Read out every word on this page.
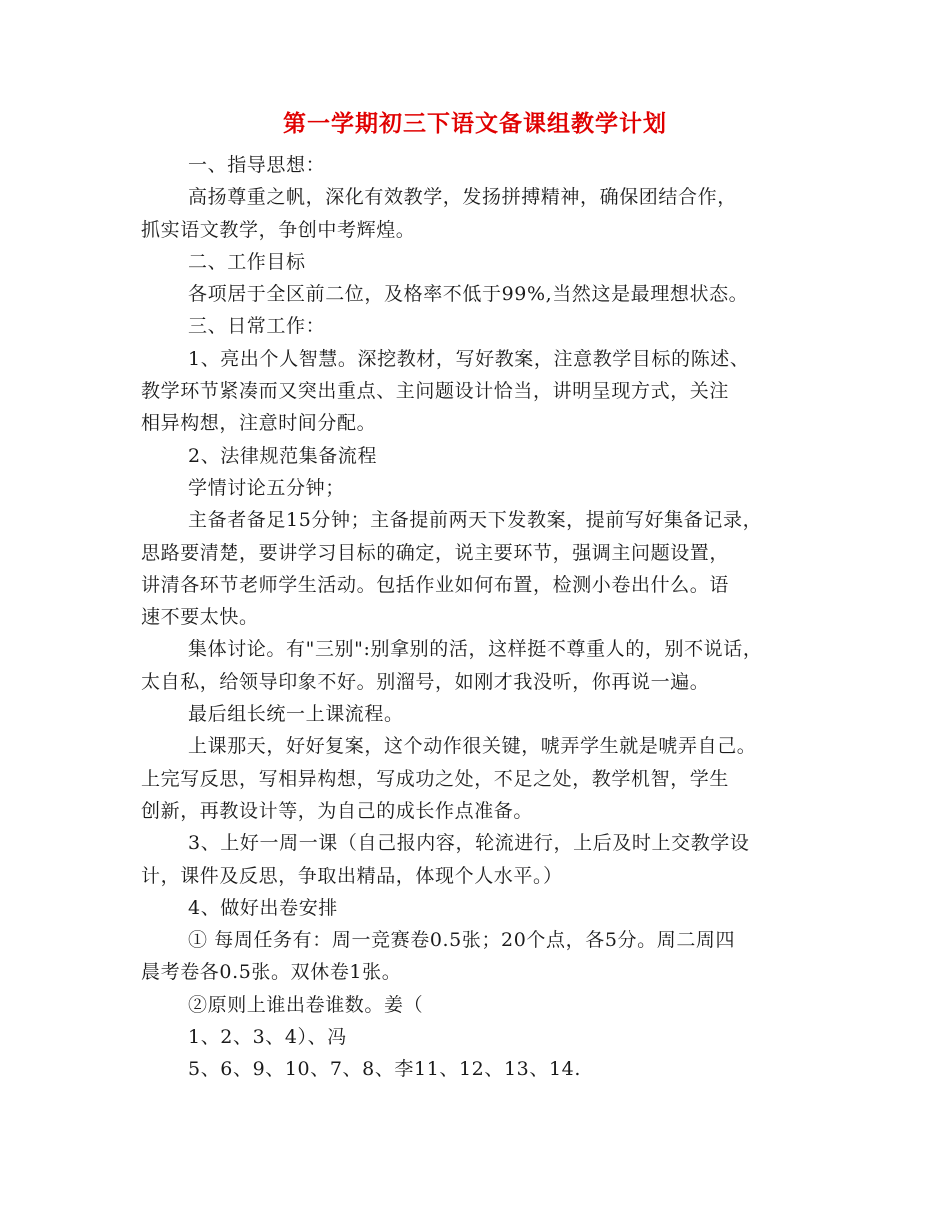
第一学期初三下语文备课组教学计划
一、指导思想：
高扬尊重之帆，深化有效教学，发扬拼搏精神，确保团结合作，
抓实语文教学，争创中考辉煌。
二、工作目标
各项居于全区前二位，及格率不低于99%,当然这是最理想状态。
三、日常工作：
1、亮出个人智慧。深挖教材，写好教案，注意教学目标的陈述、
教学环节紧凑而又突出重点、主问题设计恰当，讲明呈现方式，关注
相异构想，注意时间分配。
2、法律规范集备流程
学情讨论五分钟；
主备者备足15分钟；主备提前两天下发教案，提前写好集备记录，
思路要清楚，要讲学习目标的确定，说主要环节，强调主问题设置，
讲清各环节老师学生活动。包括作业如何布置，检测小卷出什么。语
速不要太快。
集体讨论。有"三别":别拿别的活，这样挺不尊重人的，别不说话，
太自私，给领导印象不好。别溜号，如刚才我没听，你再说一遍。
最后组长统一上课流程。
上课那天，好好复案，这个动作很关键，唬弄学生就是唬弄自己。
上完写反思，写相异构想，写成功之处，不足之处，教学机智，学生
创新，再教设计等，为自己的成长作点准备。
3、上好一周一课（自己报内容，轮流进行，上后及时上交教学设
计，课件及反思，争取出精品，体现个人水平。）
4、做好出卷安排
① 每周任务有：周一竞赛卷0.5张；20个点，各5分。周二周四
晨考卷各0.5张。双休卷1张。
②原则上谁出卷谁数。姜（
1、2、3、4）、冯
5、6、9、10、7、8、李11、12、13、14.
